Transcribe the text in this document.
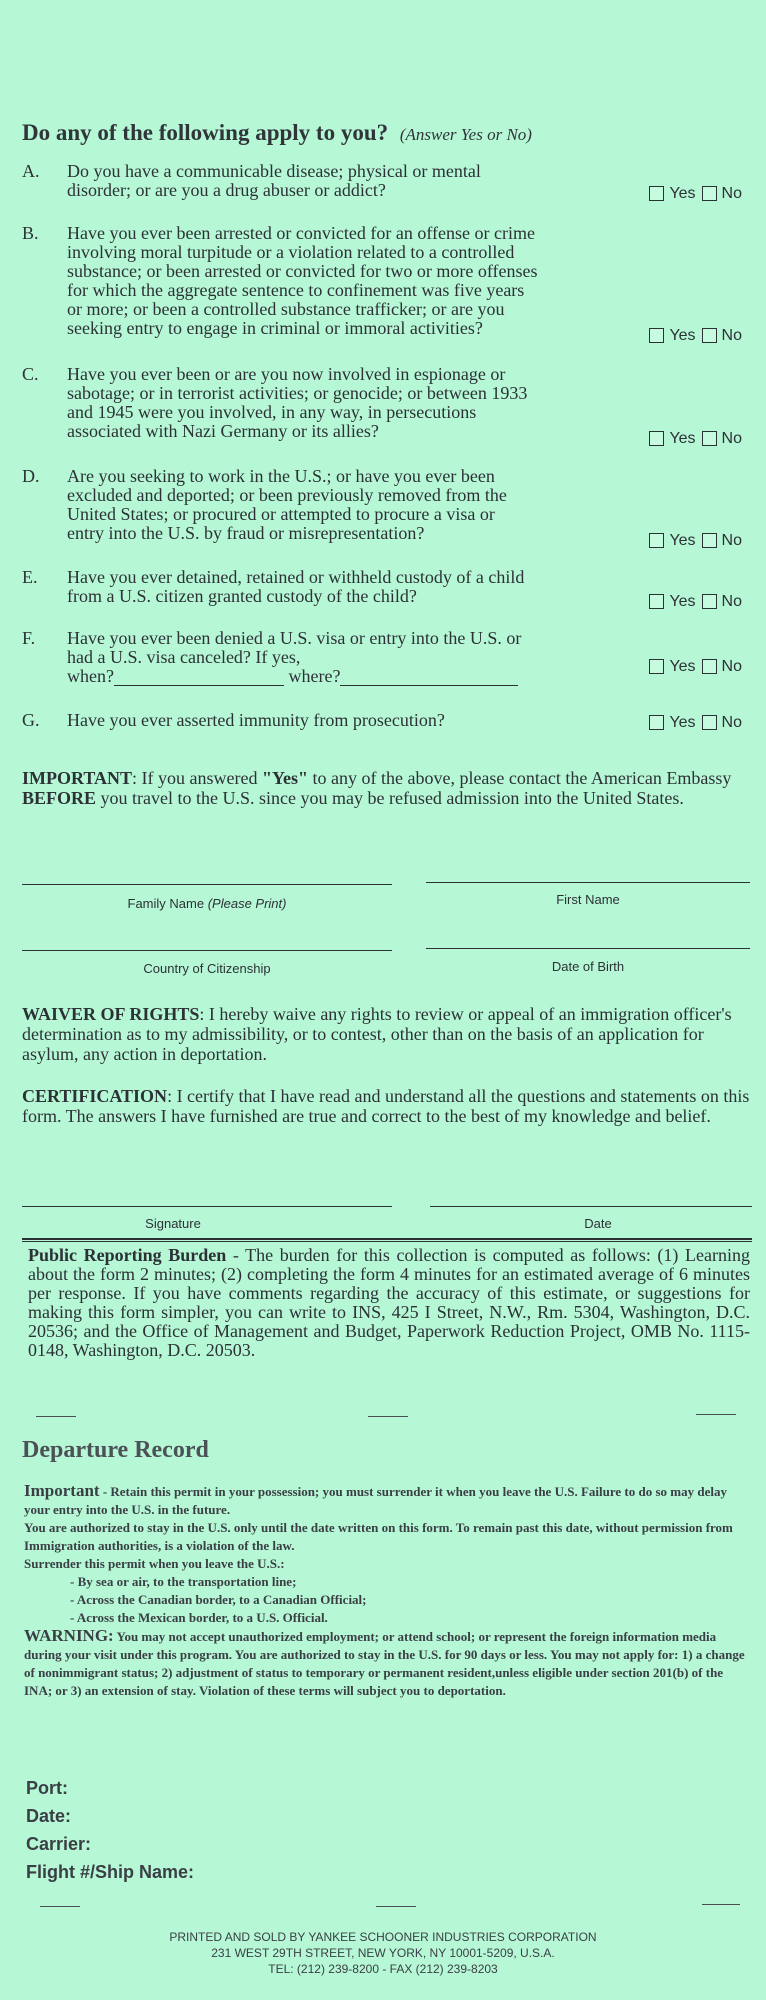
Do any of the following apply to you? (Answer Yes or No)
A. Do you have a communicable disease; physical or mental
disorder; or are you a drug abuser or addict?	Yes No
B. Have you ever been arrested or convicted for an offense or crime
involving moral turpitude or a violation related to a controlled
substance; or been arrested or convicted for two or more offenses
for which the aggregate sentence to confinement was five years
or more; or been a controlled substance trafficker; or are you
seeking entry to engage in criminal or immoral activities?	Yes No
C. Have you ever been or are you now involved in espionage or
sabotage; or in terrorist activities; or genocide; or between 1933
and 1945 were you involved, in any way, in persecutions
associated with Nazi Germany or its allies?	Yes No
D. Are you seeking to work in the U.S.; or have you ever been
excluded and deported; or been previously removed from the
United States; or procured or attempted to procure a visa or
entry into the U.S. by fraud or misrepresentation?	Yes No
E. Have you ever detained, retained or withheld custody of a child
from a U.S. citizen granted custody of the child?	Yes No
F. Have you ever been denied a U.S. visa or entry into the U.S. or
had a U.S. visa canceled? If yes,
when?	where?	Yes No
G. Have you ever asserted immunity from prosecution?	Yes No
IMPORTANT: If you answered "Yes" to any of the above, please contact the American Embassy BEFORE you travel to the U.S. since you may be refused admission into the United States.
Family Name (Please Print)	First Name
Country of Citizenship	Date of Birth
WAIVER OF RIGHTS: I hereby waive any rights to review or appeal of an immigration officer's determination as to my admissibility, or to contest, other than on the basis of an application for asylum, any action in deportation.
CERTIFICATION: I certify that I have read and understand all the questions and statements on this form. The answers I have furnished are true and correct to the best of my knowledge and belief.
Signature	Date
Public Reporting Burden - The burden for this collection is computed as follows: (1) Learning about the form 2 minutes; (2) completing the form 4 minutes for an estimated average of 6 minutes per response. If you have comments regarding the accuracy of this estimate, or suggestions for making this form simpler, you can write to INS, 425 I Street, N.W., Rm. 5304, Washington, D.C. 20536; and the Office of Management and Budget, Paperwork Reduction Project, OMB No. 1115-0148, Washington, D.C. 20503.
Departure Record
Important - Retain this permit in your possession; you must surrender it when you leave the U.S. Failure to do so may delay your entry into the U.S. in the future.
You are authorized to stay in the U.S. only until the date written on this form. To remain past this date, without permission from Immigration authorities, is a violation of the law.
Surrender this permit when you leave the U.S.:
- By sea or air, to the transportation line;
- Across the Canadian border, to a Canadian Official;
- Across the Mexican border, to a U.S. Official.
WARNING: You may not accept unauthorized employment; or attend school; or represent the foreign information media during your visit under this program. You are authorized to stay in the U.S. for 90 days or less. You may not apply for: 1) a change of nonimmigrant status; 2) adjustment of status to temporary or permanent resident,unless eligible under section 201(b) of the INA; or 3) an extension of stay. Violation of these terms will subject you to deportation.
Port:
Date:
Carrier:
Flight #/Ship Name:
PRINTED AND SOLD BY YANKEE SCHOONER INDUSTRIES CORPORATION
231 WEST 29TH STREET, NEW YORK, NY 10001-5209, U.S.A.
TEL: (212) 239-8200 - FAX (212) 239-8203
